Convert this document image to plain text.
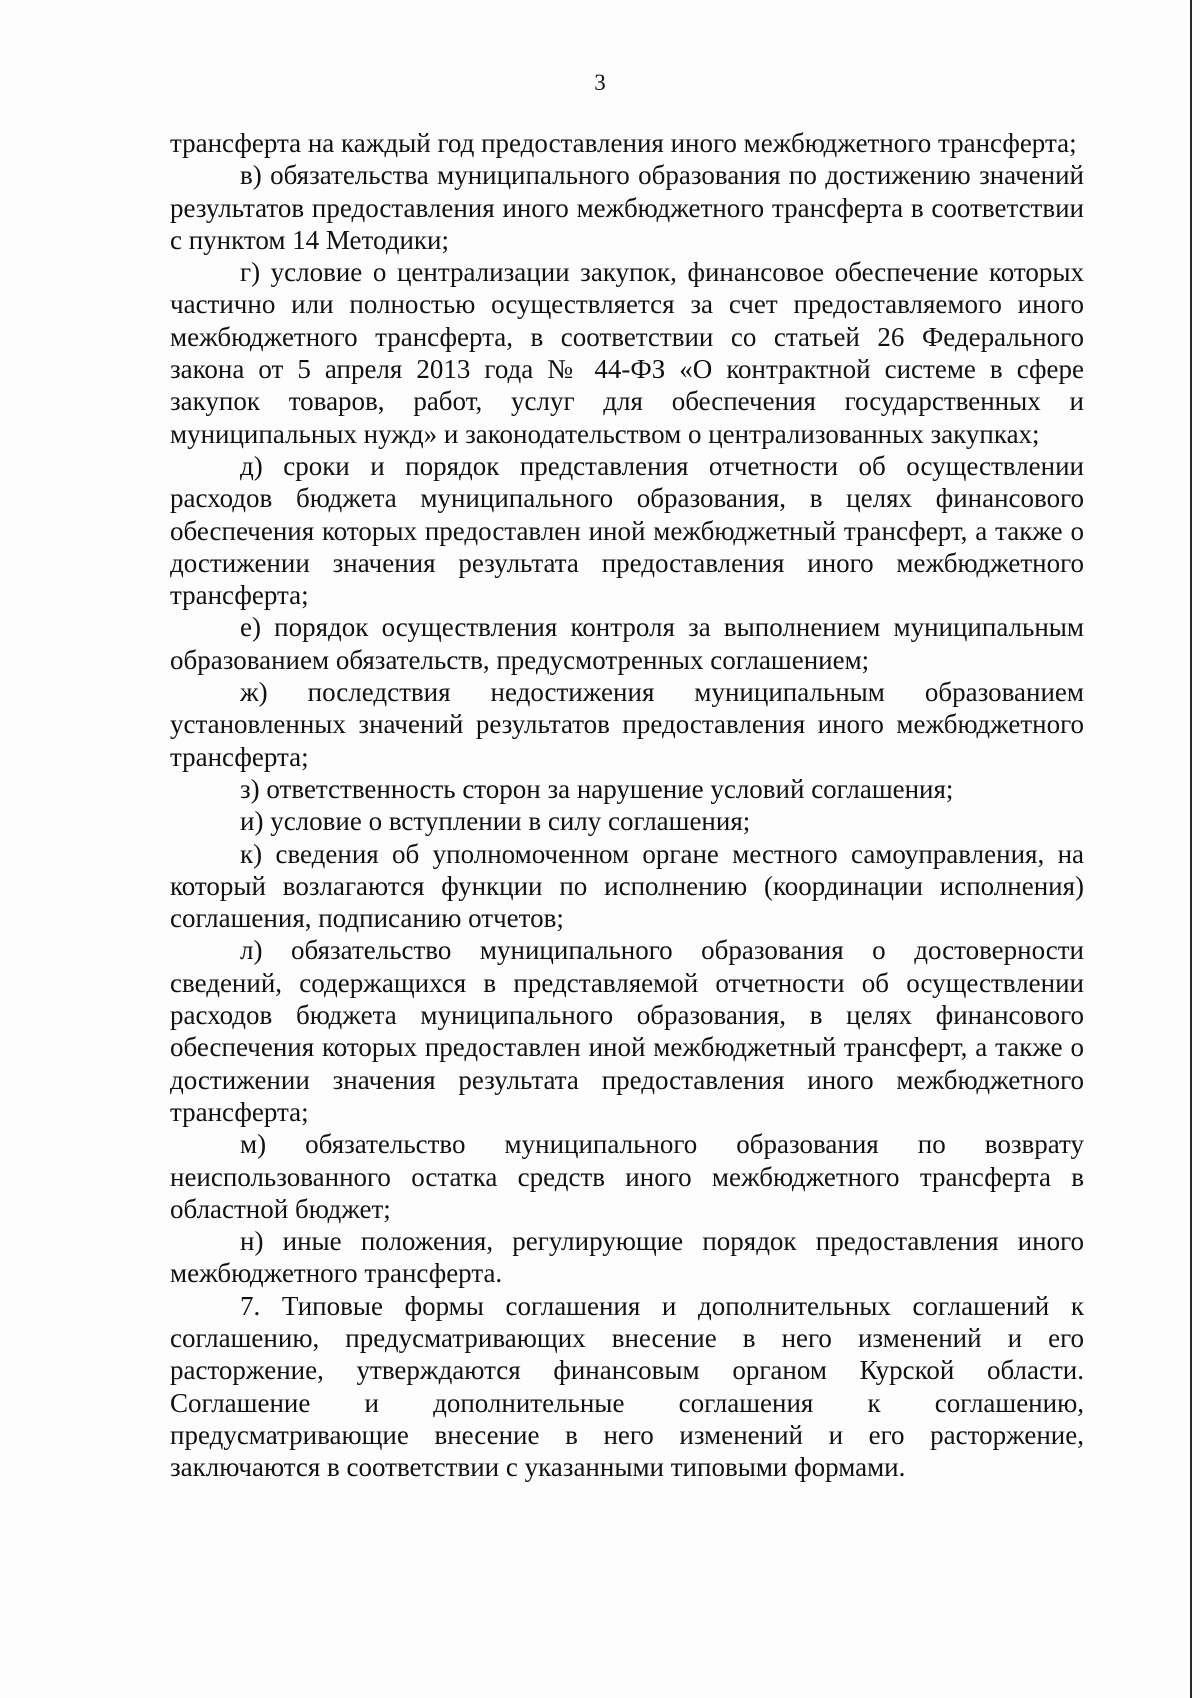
3

трансферта на каждый год предоставления иного межбюджетного трансферта;

в) обязательства муниципального образования по достижению значений результатов предоставления иного межбюджетного трансферта в соответствии с пунктом 14 Методики;

г) условие о централизации закупок, финансовое обеспечение которых частично или полностью осуществляется за счет предоставляемого иного межбюджетного трансферта, в соответствии со статьей 26 Федерального закона от 5 апреля 2013 года № 44-ФЗ «О контрактной системе в сфере закупок товаров, работ, услуг для обеспечения государственных и муниципальных нужд» и законодательством о централизованных закупках;

д) сроки и порядок представления отчетности об осуществлении расходов бюджета муниципального образования, в целях финансового обеспечения которых предоставлен иной межбюджетный трансферт, а также о достижении значения результата предоставления иного межбюджетного трансферта;

е) порядок осуществления контроля за выполнением муниципальным образованием обязательств, предусмотренных соглашением;

ж) последствия недостижения муниципальным образованием установленных значений результатов предоставления иного межбюджетного трансферта;

з) ответственность сторон за нарушение условий соглашения;

и) условие о вступлении в силу соглашения;

к) сведения об уполномоченном органе местного самоуправления, на который возлагаются функции по исполнению (координации исполнения) соглашения, подписанию отчетов;

л) обязательство муниципального образования о достоверности сведений, содержащихся в представляемой отчетности об осуществлении расходов бюджета муниципального образования, в целях финансового обеспечения которых предоставлен иной межбюджетный трансферт, а также о достижении значения результата предоставления иного межбюджетного трансферта;

м) обязательство муниципального образования по возврату неиспользованного остатка средств иного межбюджетного трансферта в областной бюджет;

н) иные положения, регулирующие порядок предоставления иного межбюджетного трансферта.

7. Типовые формы соглашения и дополнительных соглашений к соглашению, предусматривающих внесение в него изменений и его расторжение, утверждаются финансовым органом Курской области. Соглашение и дополнительные соглашения к соглашению, предусматривающие внесение в него изменений и его расторжение, заключаются в соответствии с указанными типовыми формами.
